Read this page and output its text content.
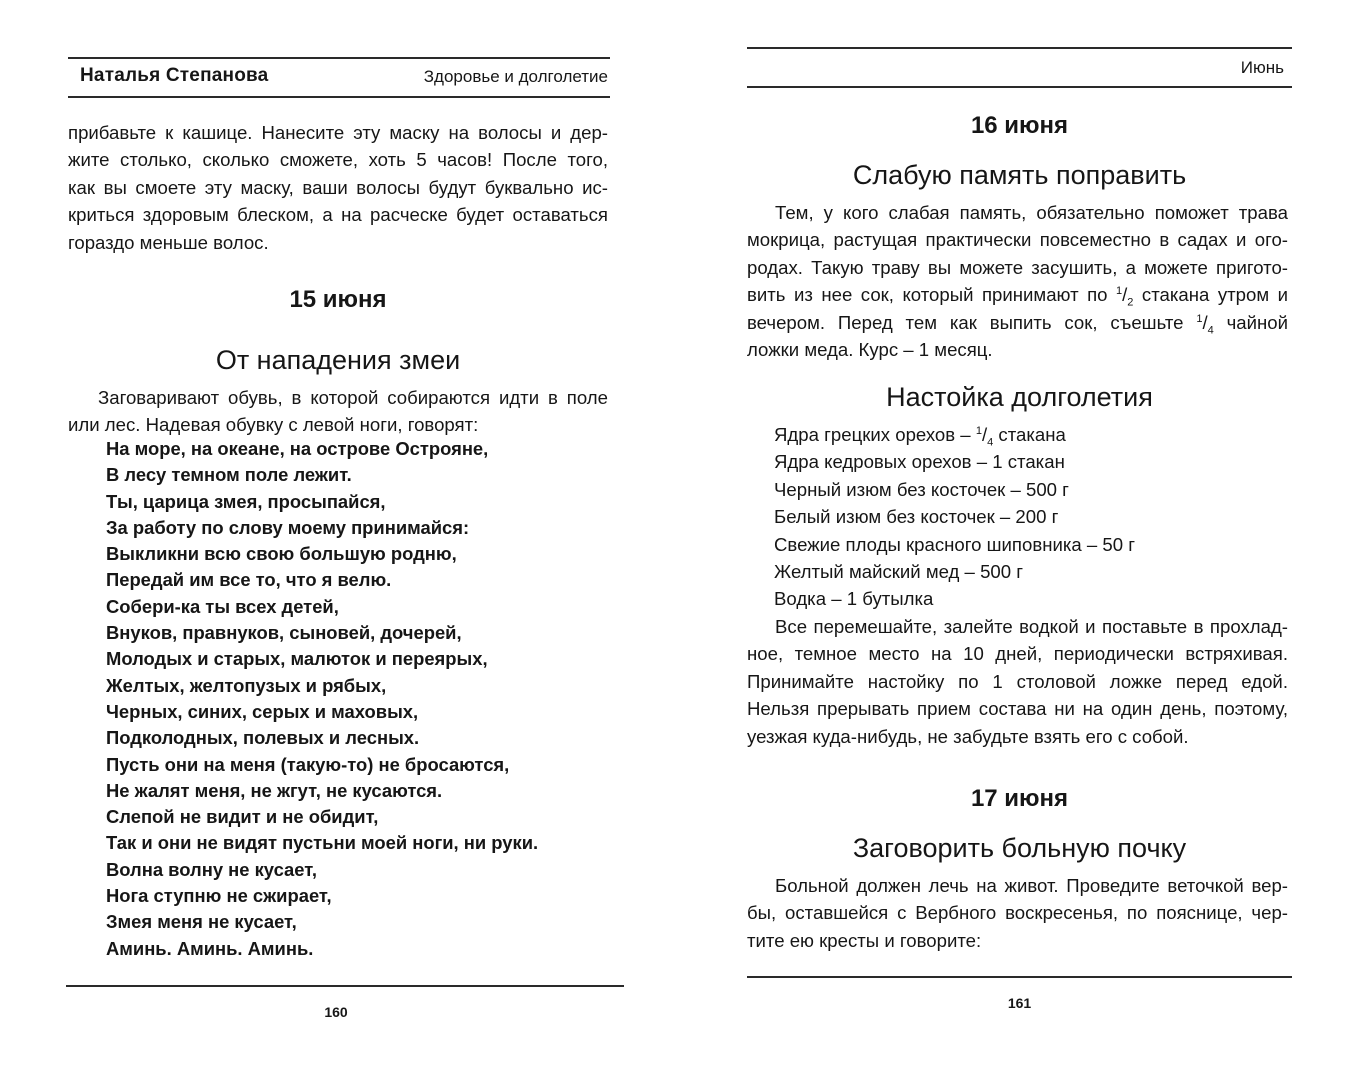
Наталья Степанова	Здоровье и долголетие
прибавьте к кашице. Нанесите эту маску на волосы и дер-
жите столько, сколько сможете, хоть 5 часов! После того,
как вы смоете эту маску, ваши волосы будут буквально ис-
криться здоровым блеском, а на расческе будет оставаться
гораздо меньше волос.
15 июня
От нападения змеи
Заговаривают обувь, в которой собираются идти в поле
или лес. Надевая обувку с левой ноги, говорят:
На море, на океане, на острове Острояне,
В лесу темном поле лежит.
Ты, царица змея, просыпайся,
За работу по слову моему принимайся:
Выкликни всю свою большую родню,
Передай им все то, что я велю.
Собери-ка ты всех детей,
Внуков, правнуков, сыновей, дочерей,
Молодых и старых, малюток и переярых,
Желтых, желтопузых и рябых,
Черных, синих, серых и маховых,
Подколодных, полевых и лесных.
Пусть они на меня (такую-то) не бросаются,
Не жалят меня, не жгут, не кусаются.
Слепой не видит и не обидит,
Так и они не видят пустьни моей ноги, ни руки.
Волна волну не кусает,
Нога ступню не сжирает,
Змея меня не кусает,
Аминь. Аминь. Аминь.
160
Июнь
16 июня
Слабую память поправить
Тем, у кого слабая память, обязательно поможет трава
мокрица, растущая практически повсеместно в садах и ого-
родах. Такую траву вы можете засушить, а можете пригото-
вить из нее сок, который принимают по $^1/_2$ стакана утром и
вечером. Перед тем как выпить сок, съешьте $^1/_4$ чайной
ложки меда. Курс – 1 месяц.
Настойка долголетия
Ядра грецких орехов – $^1/_4$ стакана
Ядра кедровых орехов – 1 стакан
Черный изюм без косточек – 500 г
Белый изюм без косточек – 200 г
Свежие плоды красного шиповника – 50 г
Желтый майский мед – 500 г
Водка – 1 бутылка
Все перемешайте, залейте водкой и поставьте в прохлад-
ное, темное место на 10 дней, периодически встряхивая.
Принимайте настойку по 1 столовой ложке перед едой.
Нельзя прерывать прием состава ни на один день, поэтому,
уезжая куда-нибудь, не забудьте взять его с собой.
17 июня
Заговорить больную почку
Больной должен лечь на живот. Проведите веточкой вер-
бы, оставшейся с Вербного воскресенья, по пояснице, чер-
тите ею кресты и говорите:
161
